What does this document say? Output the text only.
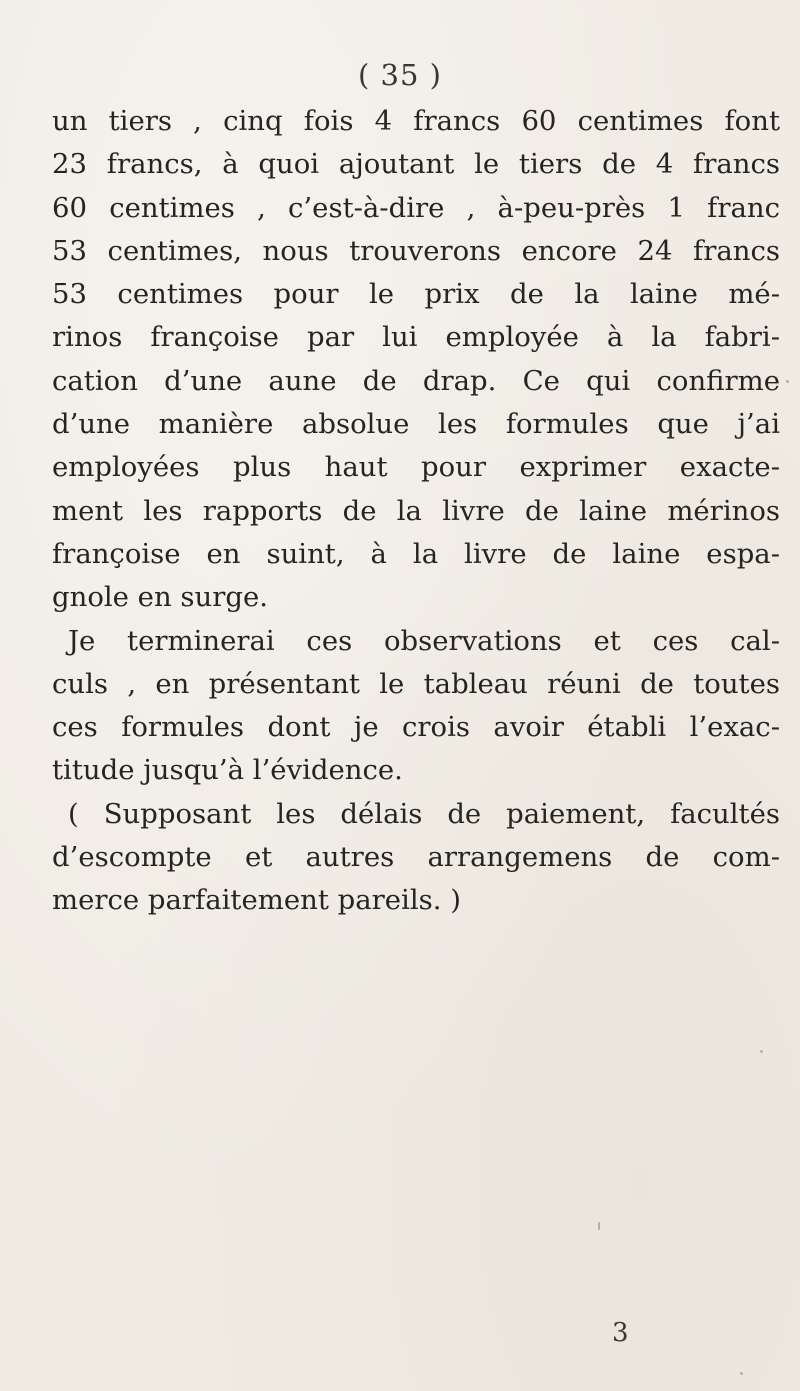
( 35 )
un tiers , cinq fois 4 francs 60 centimes font
23 francs, à quoi ajoutant le tiers de 4 francs
60 centimes , c’est-à-dire , à-peu-près 1 franc
53 centimes, nous trouverons encore 24 francs
53 centimes pour le prix de la laine mé-
rinos françoise par lui employée à la fabri-
cation d’une aune de drap. Ce qui confirme
d’une manière absolue les formules que j’ai
employées plus haut pour exprimer exacte-
ment les rapports de la livre de laine mérinos
françoise en suint, à la livre de laine espa-
gnole en surge.
Je terminerai ces observations et ces cal-
culs , en présentant le tableau réuni de toutes
ces formules dont je crois avoir établi l’exac-
titude jusqu’à l’évidence.
( Supposant les délais de paiement, facultés
d’escompte et autres arrangemens de com-
merce parfaitement pareils. )
3
